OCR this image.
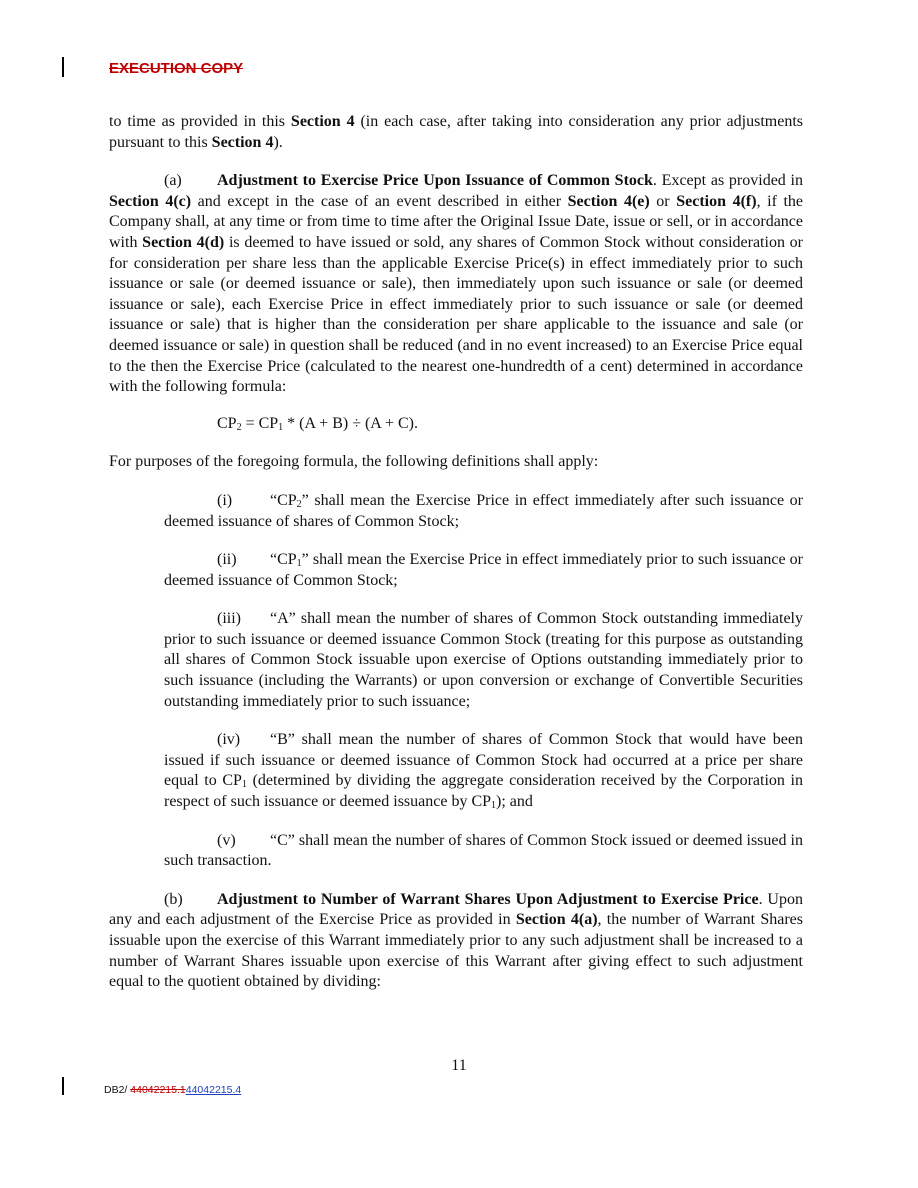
EXECUTION COPY

to time as provided in this Section 4 (in each case, after taking into consideration any prior adjustments pursuant to this Section 4).

(a) Adjustment to Exercise Price Upon Issuance of Common Stock. Except as provided in Section 4(c) and except in the case of an event described in either Section 4(e) or Section 4(f), if the Company shall, at any time or from time to time after the Original Issue Date, issue or sell, or in accordance with Section 4(d) is deemed to have issued or sold, any shares of Common Stock without consideration or for consideration per share less than the applicable Exercise Price(s) in effect immediately prior to such issuance or sale (or deemed issuance or sale), then immediately upon such issuance or sale (or deemed issuance or sale), each Exercise Price in effect immediately prior to such issuance or sale (or deemed issuance or sale) that is higher than the consideration per share applicable to the issuance and sale (or deemed issuance or sale) in question shall be reduced (and in no event increased) to an Exercise Price equal to the then the Exercise Price (calculated to the nearest one-hundredth of a cent) determined in accordance with the following formula:

$CP_2 = CP_1 * (A + B) \div (A + C)$.

For purposes of the foregoing formula, the following definitions shall apply:

(i) “$CP_2$” shall mean the Exercise Price in effect immediately after such issuance or deemed issuance of shares of Common Stock;

(ii) “$CP_1$” shall mean the Exercise Price in effect immediately prior to such issuance or deemed issuance of Common Stock;

(iii) “A” shall mean the number of shares of Common Stock outstanding immediately prior to such issuance or deemed issuance Common Stock (treating for this purpose as outstanding all shares of Common Stock issuable upon exercise of Options outstanding immediately prior to such issuance (including the Warrants) or upon conversion or exchange of Convertible Securities outstanding immediately prior to such issuance;

(iv) “B” shall mean the number of shares of Common Stock that would have been issued if such issuance or deemed issuance of Common Stock had occurred at a price per share equal to $CP_1$ (determined by dividing the aggregate consideration received by the Corporation in respect of such issuance or deemed issuance by $CP_1$); and

(v) “C” shall mean the number of shares of Common Stock issued or deemed issued in such transaction.

(b) Adjustment to Number of Warrant Shares Upon Adjustment to Exercise Price. Upon any and each adjustment of the Exercise Price as provided in Section 4(a), the number of Warrant Shares issuable upon the exercise of this Warrant immediately prior to any such adjustment shall be increased to a number of Warrant Shares issuable upon exercise of this Warrant after giving effect to such adjustment equal to the quotient obtained by dividing:

11
DB2/ 44042215.144042215.4
